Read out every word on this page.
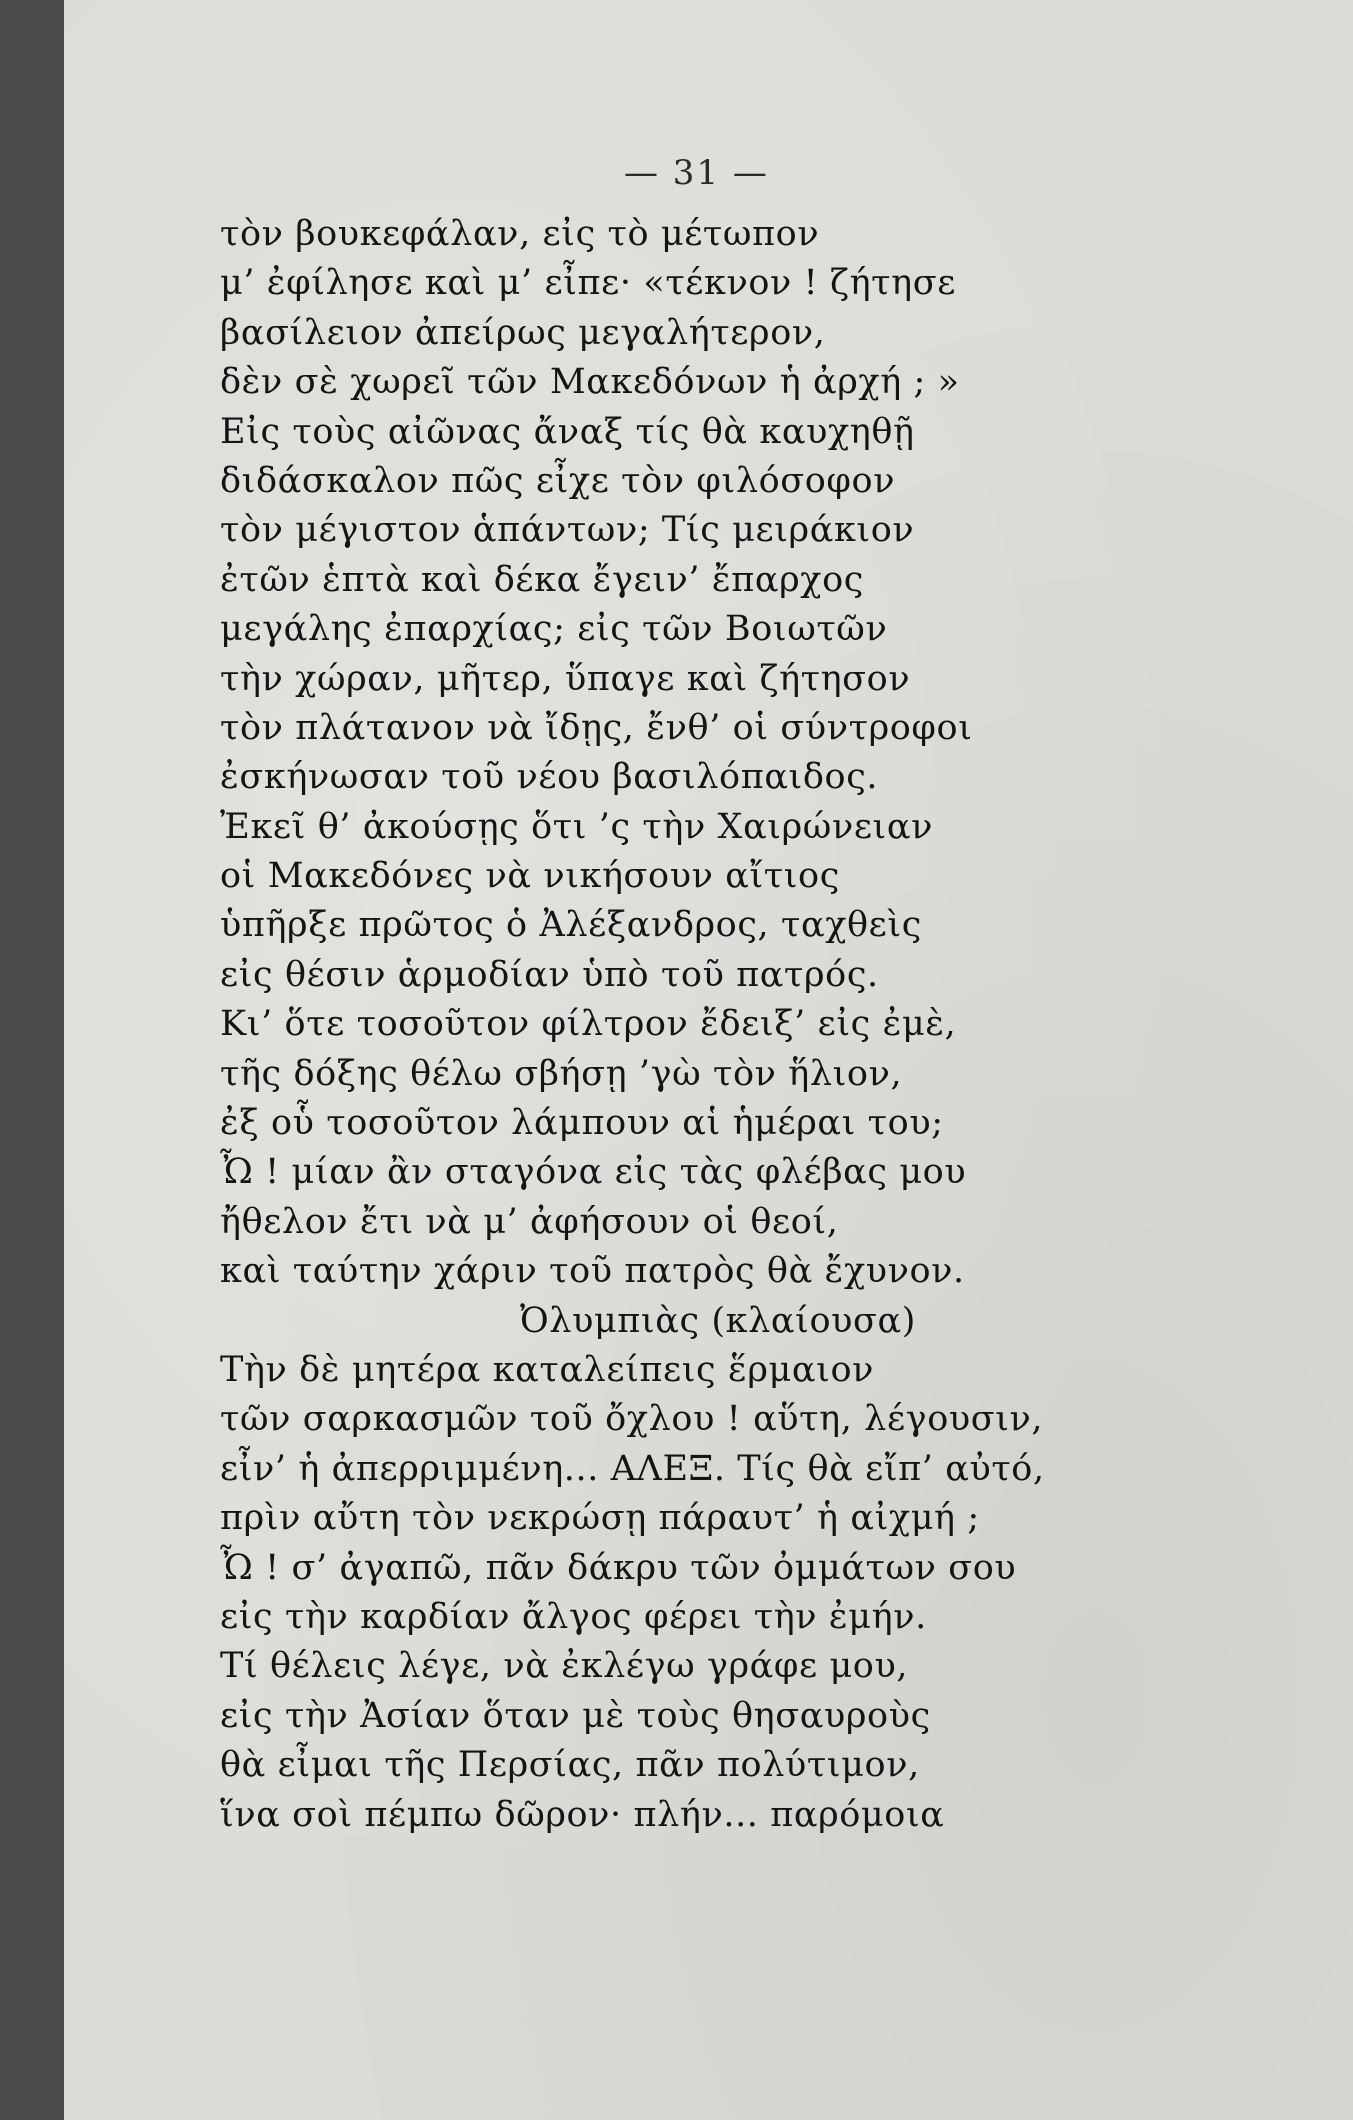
— 31 —
τὸν βουκεφάλαν, εἰς τὸ μέτωπον
μ’ ἐφίλησε καὶ μ’ εἶπε· «τέκνον ! ζήτησε
βασίλειον ἀπείρως μεγαλήτερον,
δὲν σὲ χωρεῖ τῶν Μακεδόνων ἡ ἀρχή ; »
Εἰς τοὺς αἰῶνας ἄναξ τίς θὰ καυχηθῇ
διδάσκαλον πῶς εἶχε τὸν φιλόσοφον
τὸν μέγιστον ἁπάντων; Τίς μειράκιον
ἐτῶν ἑπτὰ καὶ δέκα ἔγειν’ ἔπαρχος
μεγάλης ἐπαρχίας; εἰς τῶν Βοιωτῶν
τὴν χώραν, μῆτερ, ὕπαγε καὶ ζήτησον
τὸν πλάτανον νὰ ἴδῃς, ἔνθ’ οἱ σύντροφοι
ἐσκήνωσαν τοῦ νέου βασιλόπαιδος.
Ἐκεῖ θ’ ἀκούσῃς ὅτι ’ς τὴν Χαιρώνειαν
οἱ Μακεδόνες νὰ νικήσουν αἴτιος
ὑπῆρξε πρῶτος ὁ Ἀλέξανδρος, ταχθεὶς
εἰς θέσιν ἁρμοδίαν ὑπὸ τοῦ πατρός.
Κι’ ὅτε τοσοῦτον φίλτρον ἔδειξ’ εἰς ἐμὲ,
τῆς δόξης θέλω σβήσῃ ’γὼ τὸν ἥλιον,
ἐξ οὗ τοσοῦτον λάμπουν αἱ ἡμέραι του;
Ὦ ! μίαν ἂν σταγόνα εἰς τὰς φλέβας μου
ἤθελον ἔτι νὰ μ’ ἀφήσουν οἱ θεοί,
καὶ ταύτην χάριν τοῦ πατρὸς θὰ ἔχυνον.
Ὀλυμπιὰς (κλαίουσα)
Τὴν δὲ μητέρα καταλείπεις ἕρμαιον
τῶν σαρκασμῶν τοῦ ὄχλου ! αὕτη, λέγουσιν,
εἶν’ ἡ ἀπερριμμένη... ΑΛΕΞ. Τίς θὰ εἴπ’ αὐτό,
πρὶν αὔτη τὸν νεκρώσῃ πάραυτ’ ἡ αἰχμή ;
Ὦ ! σ’ ἀγαπῶ, πᾶν δάκρυ τῶν ὀμμάτων σου
εἰς τὴν καρδίαν ἄλγος φέρει τὴν ἐμήν.
Τί θέλεις λέγε, νὰ ἐκλέγω γράφε μου,
εἰς τὴν Ἀσίαν ὅταν μὲ τοὺς θησαυροὺς
θὰ εἶμαι τῆς Περσίας, πᾶν πολύτιμον,
ἵνα σοὶ πέμπω δῶρον· πλήν... παρόμοια
